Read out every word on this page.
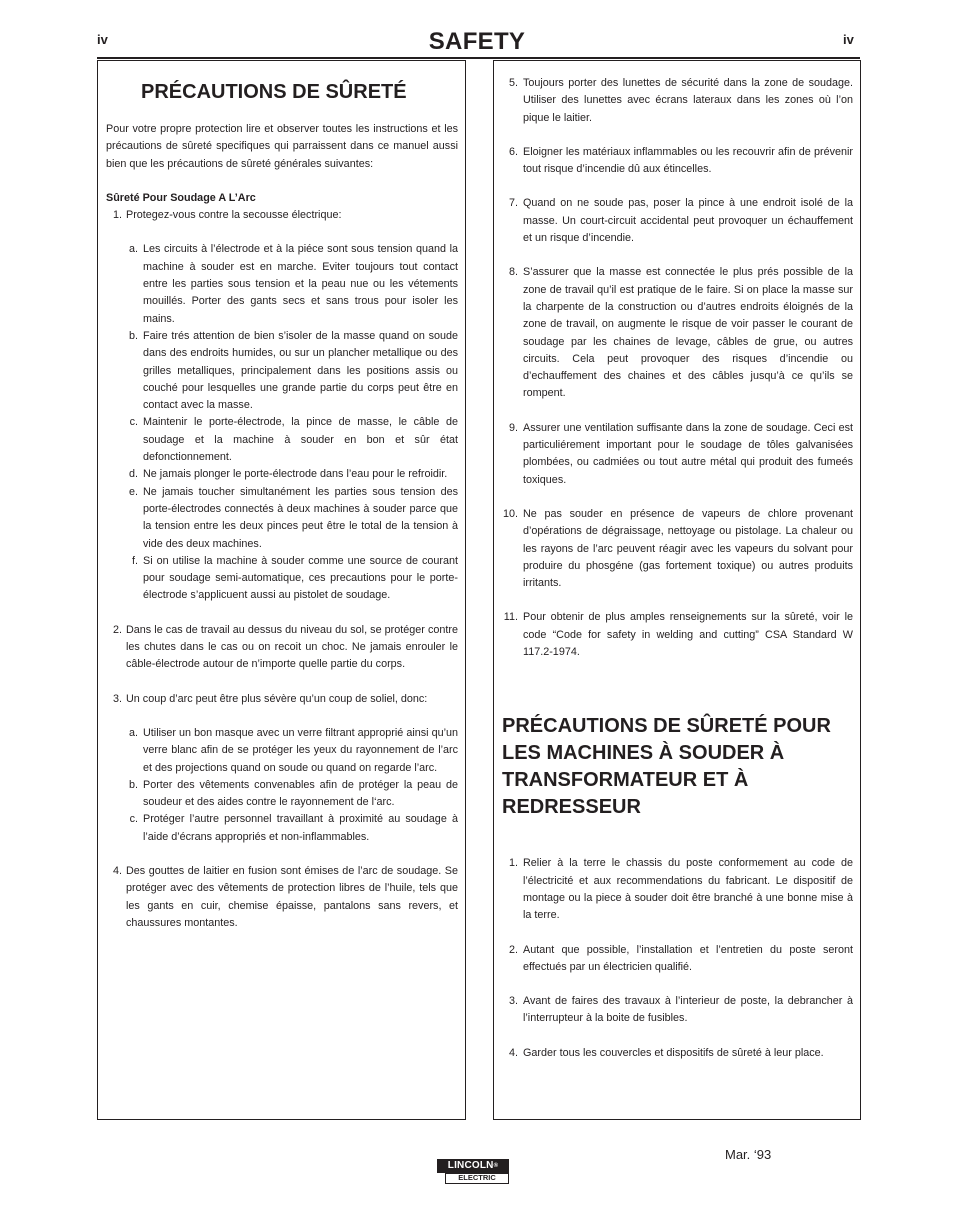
iv	SAFETY	iv
PRÉCAUTIONS DE SÛRETÉ

Pour votre propre protection lire et observer toutes les instructions et les précautions de sûreté specifiques qui parraissent dans ce manuel aussi bien que les précautions de sûreté générales suivantes:

Sûreté Pour Soudage A L’Arc

1. Protegez-vous contre la secousse électrique:
a. Les circuits à l’électrode et à la piéce sont sous tension quand la machine à souder est en marche. Eviter toujours tout contact entre les parties sous tension et la peau nue ou les vétements mouillés. Porter des gants secs et sans trous pour isoler les mains.
b. Faire trés attention de bien s’isoler de la masse quand on soude dans des endroits humides, ou sur un plancher metallique ou des grilles metalliques, principalement dans les positions assis ou couché pour lesquelles une grande partie du corps peut être en contact avec la masse.
c. Maintenir le porte-électrode, la pince de masse, le câble de soudage et la machine à souder en bon et sûr état defonctionnement.
d. Ne jamais plonger le porte-électrode dans l’eau pour le refroidir.
e. Ne jamais toucher simultanément les parties sous tension des porte-électrodes connectés à deux machines à souder parce que la tension entre les deux pinces peut être le total de la tension à vide des deux machines.
f. Si on utilise la machine à souder comme une source de courant pour soudage semi-automatique, ces precautions pour le porte-électrode s’applicuent aussi au pistolet de soudage.
2. Dans le cas de travail au dessus du niveau du sol, se protéger contre les chutes dans le cas ou on recoit un choc. Ne jamais enrouler le câble-électrode autour de n’importe quelle partie du corps.
3. Un coup d’arc peut être plus sévère qu’un coup de soliel, donc:
a. Utiliser un bon masque avec un verre filtrant approprié ainsi qu’un verre blanc afin de se protéger les yeux du rayonnement de l’arc et des projections quand on soude ou quand on regarde l’arc.
b. Porter des vêtements convenables afin de protéger la peau de soudeur et des aides contre le rayonnement de l‘arc.
c. Protéger l’autre personnel travaillant à proximité au soudage à l’aide d’écrans appropriés et non-inflammables.
4. Des gouttes de laitier en fusion sont émises de l’arc de soudage. Se protéger avec des vêtements de protection libres de l’huile, tels que les gants en cuir, chemise épaisse, pantalons sans revers, et chaussures montantes.
5. Toujours porter des lunettes de sécurité dans la zone de soudage. Utiliser des lunettes avec écrans lateraux dans les zones où l’on pique le laitier.
6. Eloigner les matériaux inflammables ou les recouvrir afin de prévenir tout risque d’incendie dû aux étincelles.
7. Quand on ne soude pas, poser la pince à une endroit isolé de la masse. Un court-circuit accidental peut provoquer un échauffement et un risque d’incendie.
8. S’assurer que la masse est connectée le plus prés possible de la zone de travail qu’il est pratique de le faire. Si on place la masse sur la charpente de la construction ou d’autres endroits éloignés de la zone de travail, on augmente le risque de voir passer le courant de soudage par les chaines de levage, câbles de grue, ou autres circuits. Cela peut provoquer des risques d’incendie ou d’echauffement des chaines et des câbles jusqu’à ce qu’ils se rompent.
9. Assurer une ventilation suffisante dans la zone de soudage. Ceci est particuliérement important pour le soudage de tôles galvanisées plombées, ou cadmiées ou tout autre métal qui produit des fumeés toxiques.
10. Ne pas souder en présence de vapeurs de chlore provenant d’opérations de dégraissage, nettoyage ou pistolage. La chaleur ou les rayons de l’arc peuvent réagir avec les vapeurs du solvant pour produire du phosgéne (gas fortement toxique) ou autres produits irritants.
11. Pour obtenir de plus amples renseignements sur la sûreté, voir le code “Code for safety in welding and cutting” CSA Standard W 117.2-1974.
PRÉCAUTIONS DE SÛRETÉ POUR LES MACHINES À SOUDER À TRANSFORMATEUR ET À REDRESSEUR
1. Relier à la terre le chassis du poste conformement au code de l’électricité et aux recommendations du fabricant. Le dispositif de montage ou la piece à souder doit être branché à une bonne mise à la terre.
2. Autant que possible, l’installation et l’entretien du poste seront effectués par un électricien qualifié.
3. Avant de faires des travaux à l’interieur de poste, la debrancher à l’interrupteur à la boite de fusibles.
4. Garder tous les couvercles et dispositifs de sûreté à leur place.
Mar. ‘93
LINCOLN®
ELECTRIC
